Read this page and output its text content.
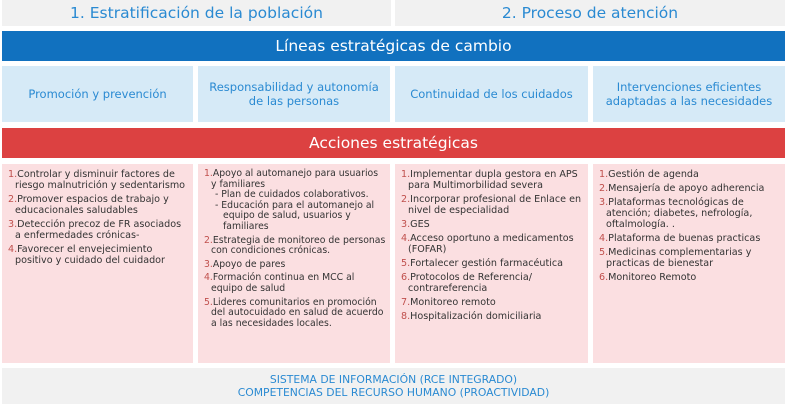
1. Estratificación de la población	2. Proceso de atención
Líneas estratégicas de cambio
Promoción y prevención	Responsabilidad y autonomía de las personas	Continuidad de los cuidados	Intervenciones eficientes adaptadas a las necesidades
Acciones estratégicas
1.Controlar y disminuir factores de riesgo malnutrición y sedentarismo
2.Promover espacios de trabajo y educacionales saludables
3.Detección precoz de FR asociados a enfermedades crónicas-
4.Favorecer el envejecimiento positivo y cuidado del cuidador
1.Apoyo al automanejo para usuarios y familiares
- Plan de cuidados colaborativos.
- Educación para el automanejo al equipo de salud, usuarios y familiares
2.Estrategia de monitoreo de personas con condiciones crónicas.
3.Apoyo de pares
4.Formación continua en MCC al equipo de salud
5.Lideres comunitarios en promoción del autocuidado en salud de acuerdo a las necesidades locales.
1.Implementar dupla gestora en APS para Multimorbilidad severa
2.Incorporar profesional de Enlace en nivel de especialidad
3.GES
4.Acceso oportuno a medicamentos (FOFAR)
5.Fortalecer gestión farmacéutica
6.Protocolos de Referencia/ contrareferencia
7.Monitoreo remoto
8.Hospitalización domiciliaria
1.Gestión de agenda
2.Mensajería de apoyo adherencia
3.Plataformas tecnológicas de atención; diabetes, nefrología, oftalmología. .
4.Plataforma de buenas practicas
5.Medicinas complementarias y practicas de bienestar
6.Monitoreo Remoto
SISTEMA DE INFORMACIÓN (RCE INTEGRADO)
COMPETENCIAS DEL RECURSO HUMANO (PROACTIVIDAD)
